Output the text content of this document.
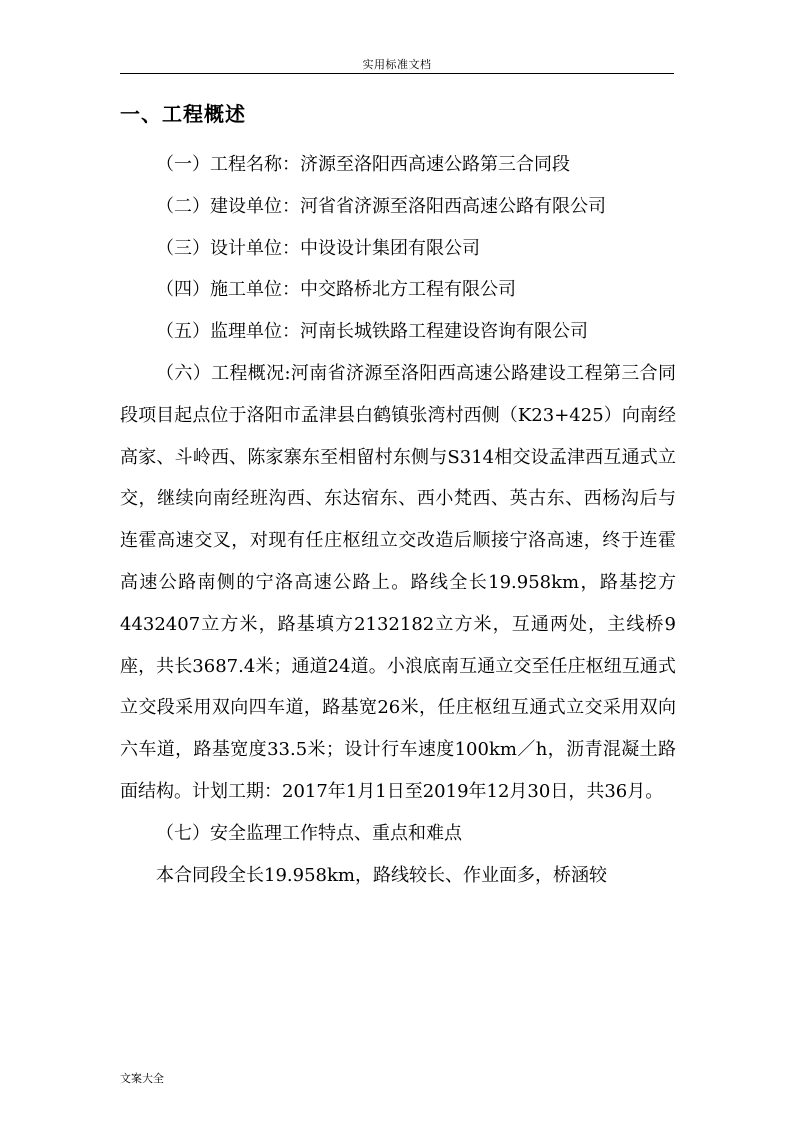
实用标准文档
一、工程概述

（一）工程名称：济源至洛阳西高速公路第三合同段

（二）建设单位：河省省济源至洛阳西高速公路有限公司

（三）设计单位：中设设计集团有限公司

（四）施工单位：中交路桥北方工程有限公司

（五）监理单位：河南长城铁路工程建设咨询有限公司

（六）工程概况:河南省济源至洛阳西高速公路建设工程第三合同段项目起点位于洛阳市孟津县白鹤镇张湾村西侧（K23+425）向南经高家、斗岭西、陈家寨东至相留村东侧与S314相交设孟津西互通式立交，继续向南经班沟西、东达宿东、西小梵西、英古东、西杨沟后与连霍高速交叉，对现有任庄枢纽立交改造后顺接宁洛高速，终于连霍高速公路南侧的宁洛高速公路上。路线全长19.958km，路基挖方4432407立方米，路基填方2132182立方米，互通两处，主线桥9座，共长3687.4米；通道24道。小浪底南互通立交至任庄枢纽互通式立交段采用双向四车道，路基宽26米，任庄枢纽互通式立交采用双向六车道，路基宽度33.5米；设计行车速度100km／h，沥青混凝土路面结构。计划工期：2017年1月1日至2019年12月30日，共36月。

（七）安全监理工作特点、重点和难点

本合同段全长19.958km，路线较长、作业面多，桥涵较

文案大全
